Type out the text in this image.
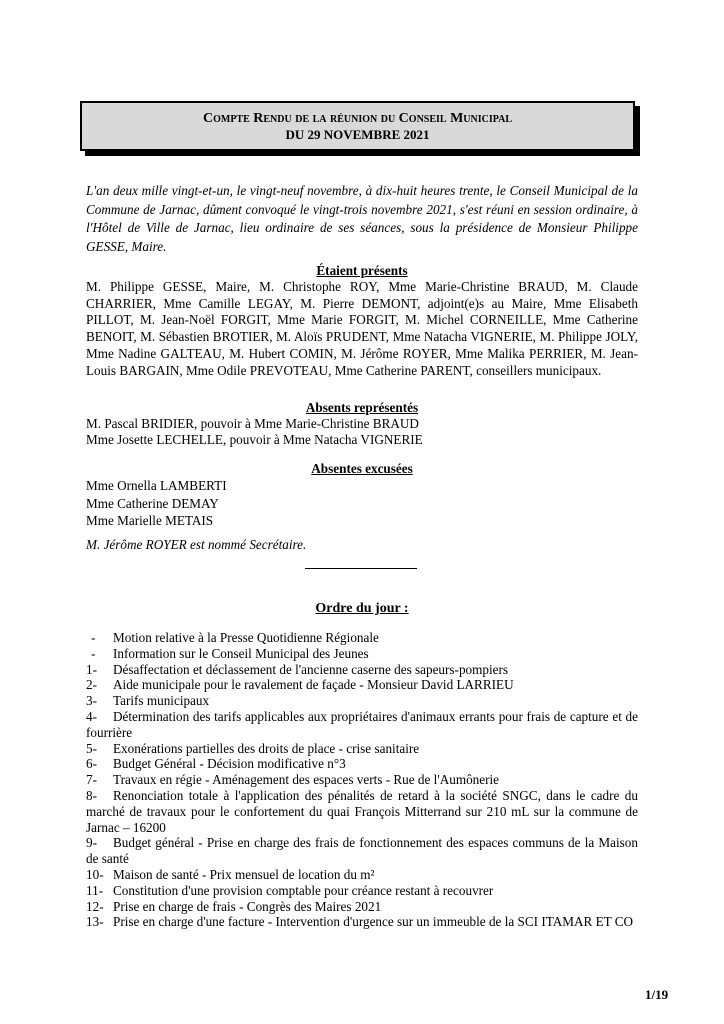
Compte Rendu de la réunion du Conseil Municipal
DU 29 NOVEMBRE 2021
L'an deux mille vingt-et-un, le vingt-neuf novembre, à dix-huit heures trente, le Conseil Municipal de la Commune de Jarnac, dûment convoqué le vingt-trois novembre 2021, s'est réuni en session ordinaire, à l'Hôtel de Ville de Jarnac, lieu ordinaire de ses séances, sous la présidence de Monsieur Philippe GESSE, Maire.
Étaient présents
M. Philippe GESSE, Maire, M. Christophe ROY, Mme Marie-Christine BRAUD, M. Claude CHARRIER, Mme Camille LEGAY, M. Pierre DEMONT, adjoint(e)s au Maire, Mme Elisabeth PILLOT, M. Jean-Noël FORGIT, Mme Marie FORGIT, M. Michel CORNEILLE, Mme Catherine BENOIT, M. Sébastien BROTIER, M. Aloïs PRUDENT, Mme Natacha VIGNERIE, M. Philippe JOLY, Mme Nadine GALTEAU, M. Hubert COMIN, M. Jérôme ROYER, Mme Malika PERRIER, M. Jean-Louis BARGAIN, Mme Odile PREVOTEAU, Mme Catherine PARENT, conseillers municipaux.
Absents représentés
M. Pascal BRIDIER, pouvoir à Mme Marie-Christine BRAUD
Mme Josette LECHELLE, pouvoir à Mme Natacha VIGNERIE
Absentes excusées
Mme Ornella LAMBERTI
Mme Catherine DEMAY
Mme Marielle METAIS
M. Jérôme ROYER est nommé Secrétaire.
Ordre du jour :
- Motion relative à la Presse Quotidienne Régionale
- Information sur le Conseil Municipal des Jeunes
1- Désaffectation et déclassement de l'ancienne caserne des sapeurs-pompiers
2- Aide municipale pour le ravalement de façade - Monsieur David LARRIEU
3- Tarifs municipaux
4-	Détermination des tarifs applicables aux propriétaires d'animaux errants pour frais de capture et de fourrière
5- Exonérations partielles des droits de place - crise sanitaire
6- Budget Général - Décision modificative n°3
7- Travaux en régie - Aménagement des espaces verts - Rue de l'Aumônerie
8-	Renonciation totale à l'application des pénalités de retard à la société SNGC, dans le cadre du marché de travaux pour le confortement du quai François Mitterrand sur 210 mL sur la commune de Jarnac – 16200
9-	Budget général - Prise en charge des frais de fonctionnement des espaces communs de la Maison de santé
10- Maison de santé - Prix mensuel de location du m²
11- Constitution d'une provision comptable pour créance restant à recouvrer
12- Prise en charge de frais - Congrès des Maires 2021
13- Prise en charge d'une facture - Intervention d'urgence sur un immeuble de la SCI ITAMAR ET CO
1/19
